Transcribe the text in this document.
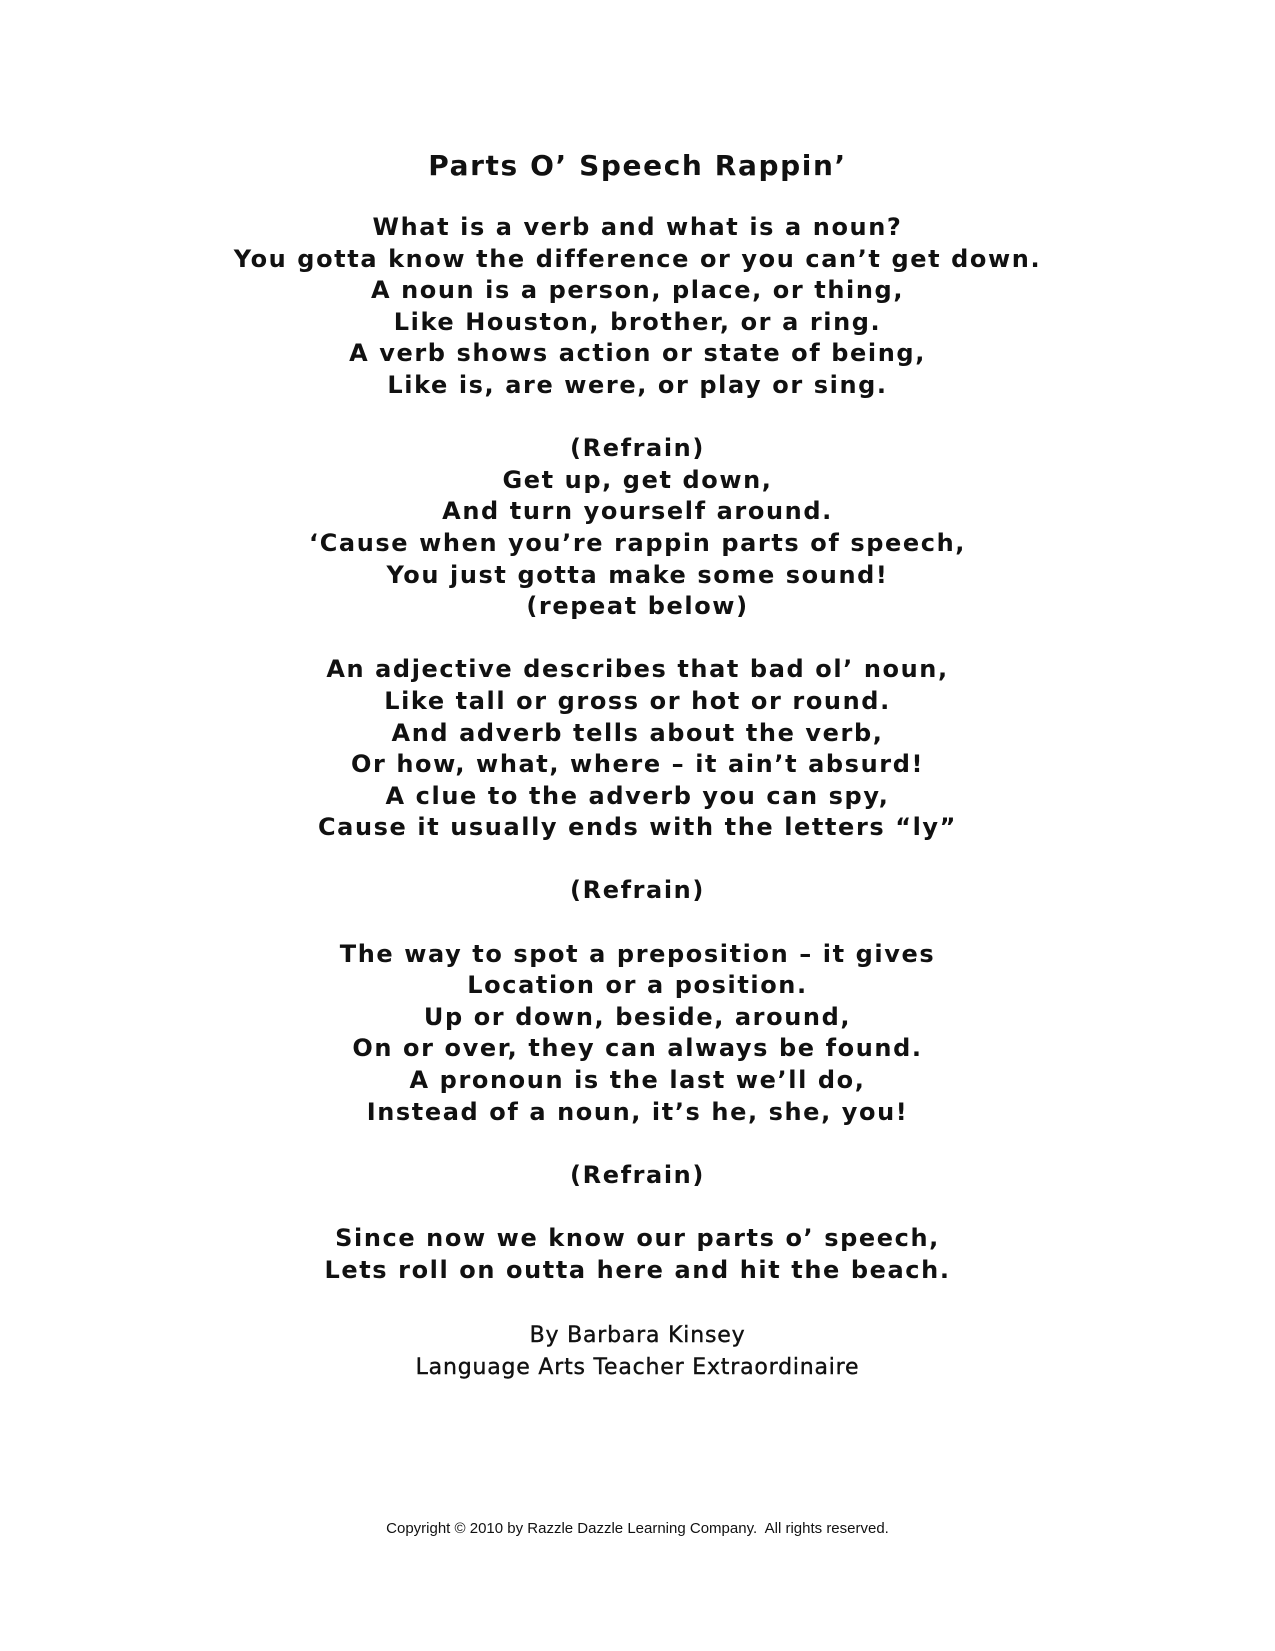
Parts O’ Speech Rappin’
What is a verb and what is a noun?
You gotta know the difference or you can’t get down.
A noun is a person, place, or thing,
Like Houston, brother, or a ring.
A verb shows action or state of being,
Like is, are were, or play or sing.
(Refrain)
Get up, get down,
And turn yourself around.
‘Cause when you’re rappin parts of speech,
You just gotta make some sound!
(repeat below)
An adjective describes that bad ol’ noun,
Like tall or gross or hot or round.
And adverb tells about the verb,
Or how, what, where – it ain’t absurd!
A clue to the adverb you can spy,
Cause it usually ends with the letters “ly”
(Refrain)
The way to spot a preposition – it gives
Location or a position.
Up or down, beside, around,
On or over, they can always be found.
A pronoun is the last we’ll do,
Instead of a noun, it’s he, she, you!
(Refrain)
Since now we know our parts o’ speech,
Lets roll on outta here and hit the beach.
By Barbara Kinsey
Language Arts Teacher Extraordinaire
Copyright © 2010 by Razzle Dazzle Learning Company.  All rights reserved.
